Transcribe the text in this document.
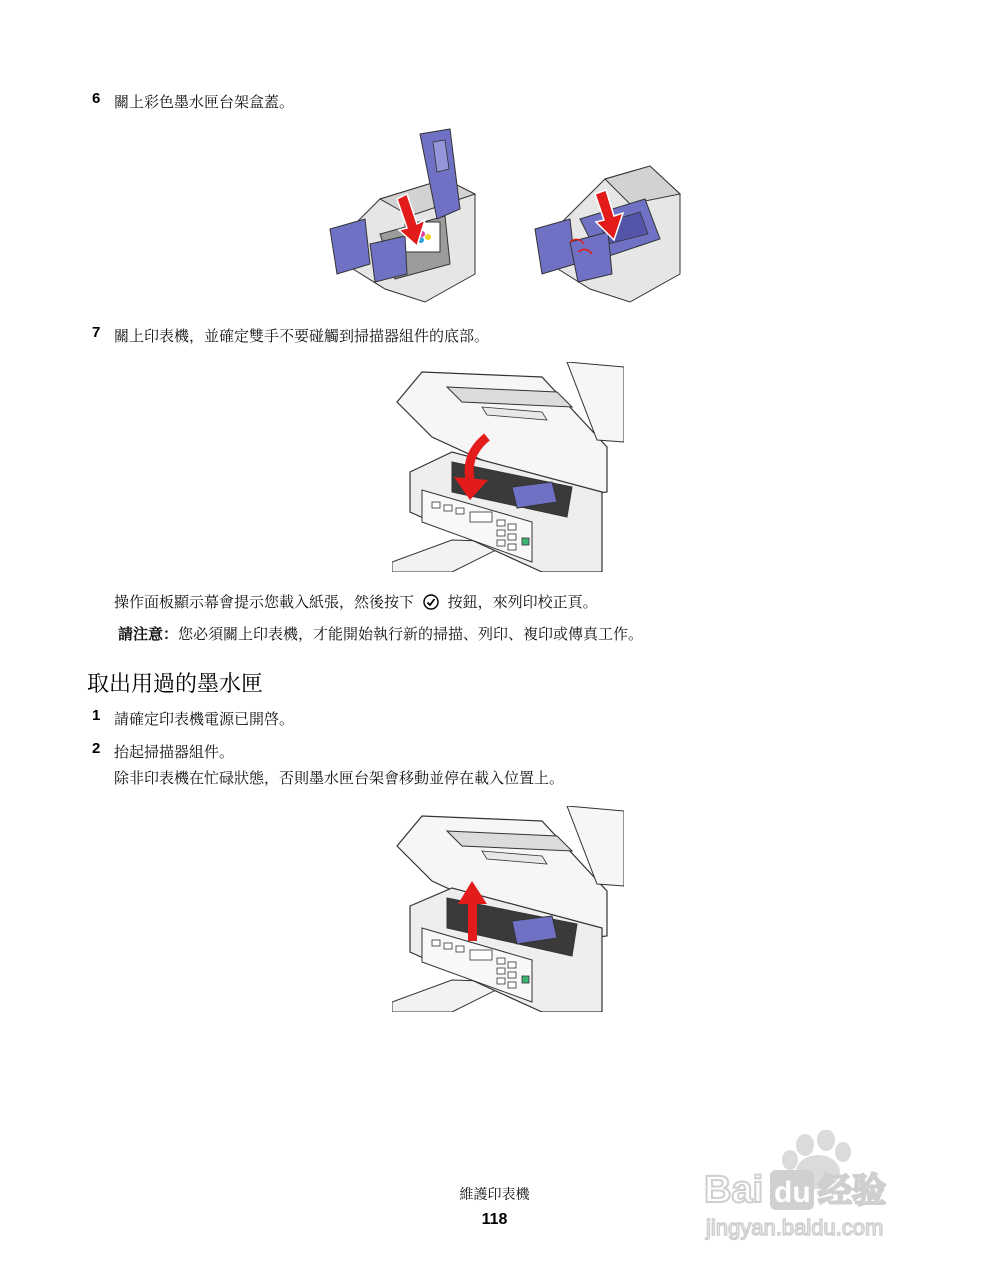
6 關上彩色墨水匣台架盒蓋。
7 關上印表機，並確定雙手不要碰觸到掃描器組件的底部。
操作面板顯示幕會提示您載入紙張，然後按下 按鈕，來列印校正頁。
請注意：您必須關上印表機，才能開始執行新的掃描、列印、複印或傳真工作。
取出用過的墨水匣
1 請確定印表機電源已開啓。
2 抬起掃描器組件。
除非印表機在忙碌狀態，否則墨水匣台架會移動並停在載入位置上。
維護印表機
118
Bai du 经验
jingyan.baidu.com
